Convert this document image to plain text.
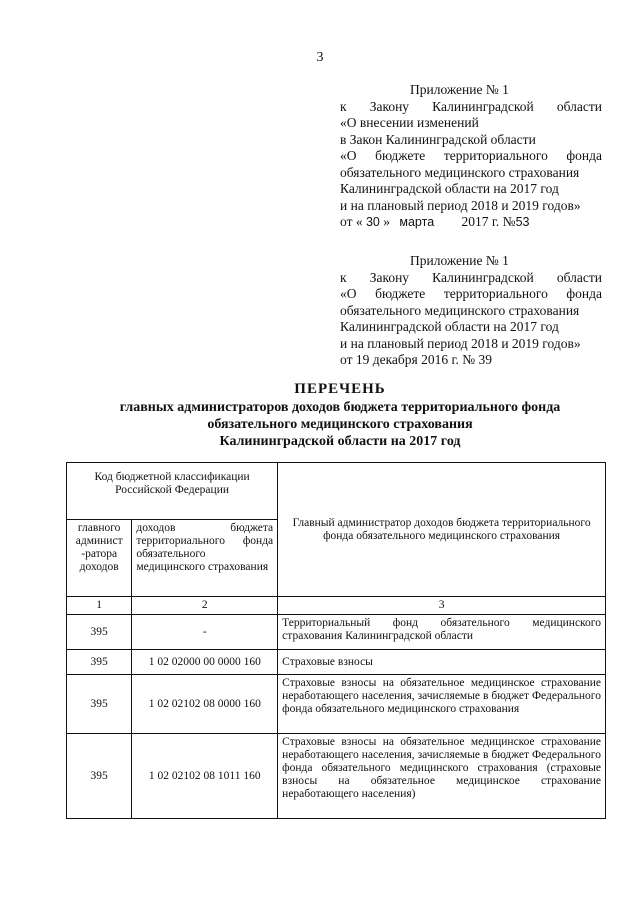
3
Приложение № 1
к Закону Калининградской области
«О внесении изменений
в Закон Калининградской области
«О бюджете территориального фонда
обязательного медицинского страхования
Калининградской области на 2017 год
и на плановый период 2018 и 2019 годов»
от « 30 » марта 2017 г. №53
Приложение № 1
к Закону Калининградской области
«О бюджете территориального фонда
обязательного медицинского страхования
Калининградской области на 2017 год
и на плановый период 2018 и 2019 годов»
от 19 декабря 2016 г. № 39
ПЕРЕЧЕНЬ
главных администраторов доходов бюджета территориального фонда
обязательного медицинского страхования
Калининградской области на 2017 год
Код бюджетной классификации Российской Федерации		Главный администратор доходов бюджета территориального фонда обязательного медицинского страхования
главного админист -ратора доходов	доходов бюджета территориального фонда обязательного медицинского страхования	
1	2	3
395	-	Территориальный фонд обязательного медицинского страхования Калининградской области
395	1 02 02000 00 0000 160	Страховые взносы
395	1 02 02102 08 0000 160	Страховые взносы на обязательное медицинское страхование неработающего населения, зачисляемые в бюджет Федерального фонда обязательного медицинского страхования
395	1 02 02102 08 1011 160	Страховые взносы на обязательное медицинское страхование неработающего населения, зачисляемые в бюджет Федерального фонда обязательного медицинского страхования (страховые взносы на обязательное медицинское страхование неработающего населения)
